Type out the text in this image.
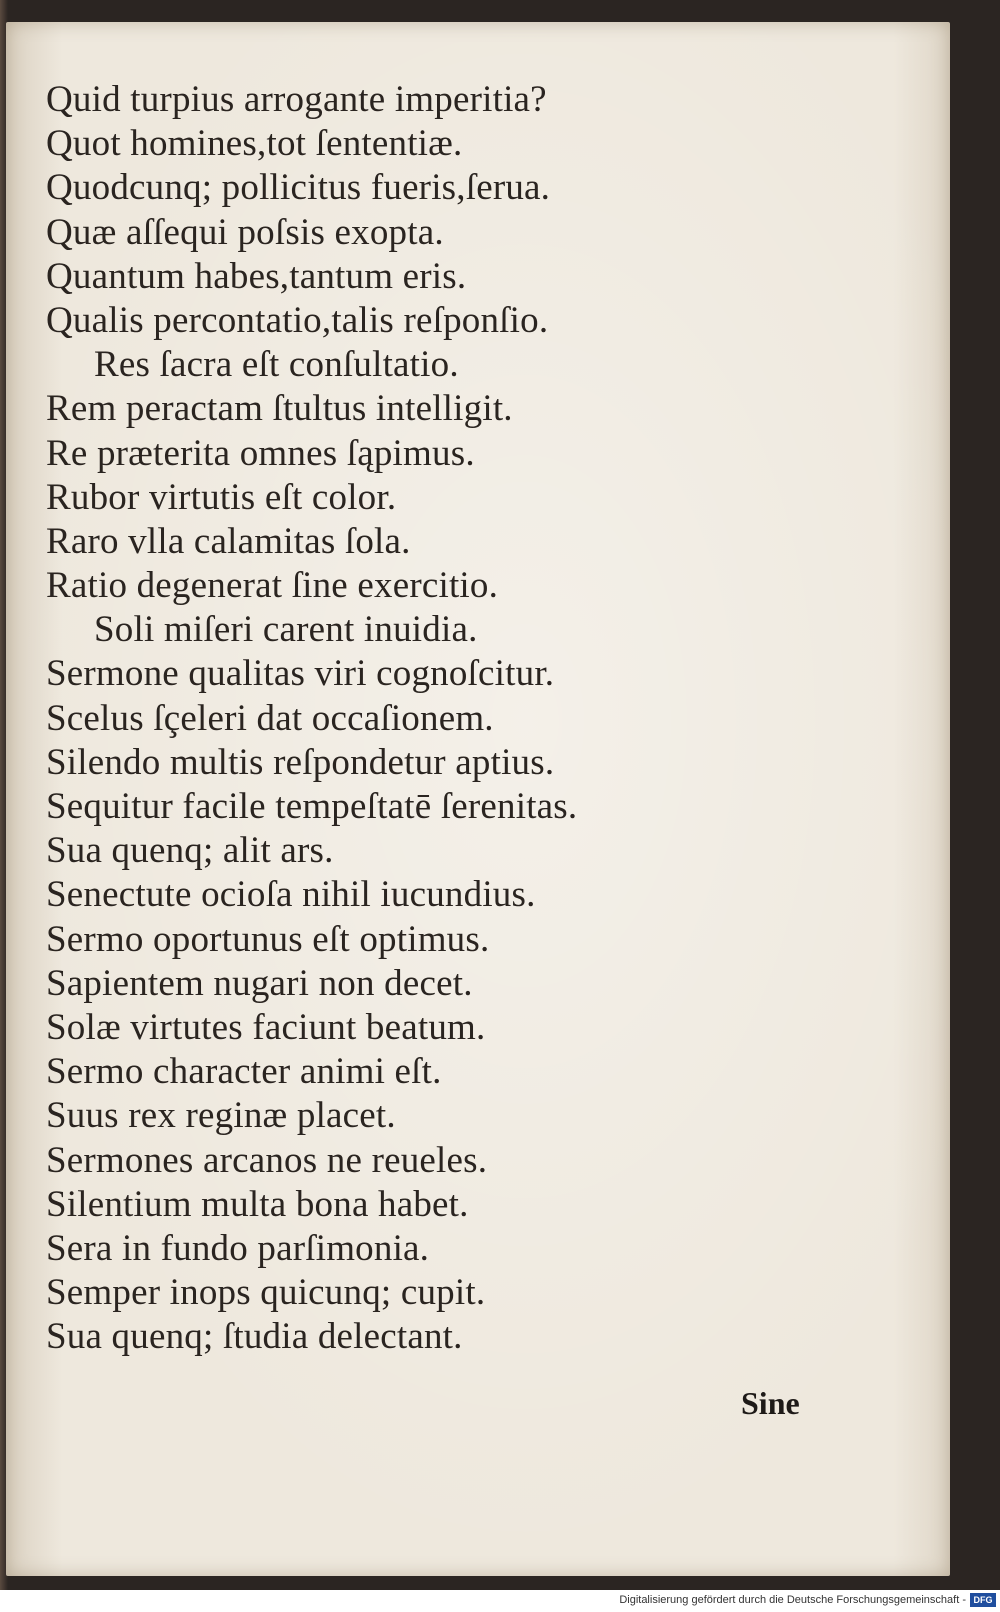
Quid turpius arrogante imperitia?
Quot homines,tot ſententiæ.
Quodcunq; pollicitus fueris,ſerua.
Quæ aſſequi poſsis exopta.
Quantum habes,tantum eris.
Qualis percontatio,talis reſponſio.
Res ſacra eſt conſultatio.
Rem peractam ſtultus intelligit.
Re præterita omnes ſąpimus.
Rubor virtutis eſt color.
Raro vlla calamitas ſola.
Ratio degenerat ſine exercitio.
Soli miſeri carent inuidia.
Sermone qualitas viri cognoſcitur.
Scelus ſçeleri dat occaſionem.
Silendo multis reſpondetur aptius.
Sequitur facile tempeſtatē ſerenitas.
Sua quenq; alit ars.
Senectute ocioſa nihil iucundius.
Sermo oportunus eſt optimus.
Sapientem nugari non decet.
Solæ virtutes faciunt beatum.
Sermo character animi eſt.
Suus rex reginæ placet.
Sermones arcanos ne reueles.
Silentium multa bona habet.
Sera in fundo parſimonia.
Semper inops quicunq; cupit.
Sua quenq; ſtudia delectant.
Sine
Digitalisierung gefördert durch die Deutsche Forschungsgemeinschaft - DFG
